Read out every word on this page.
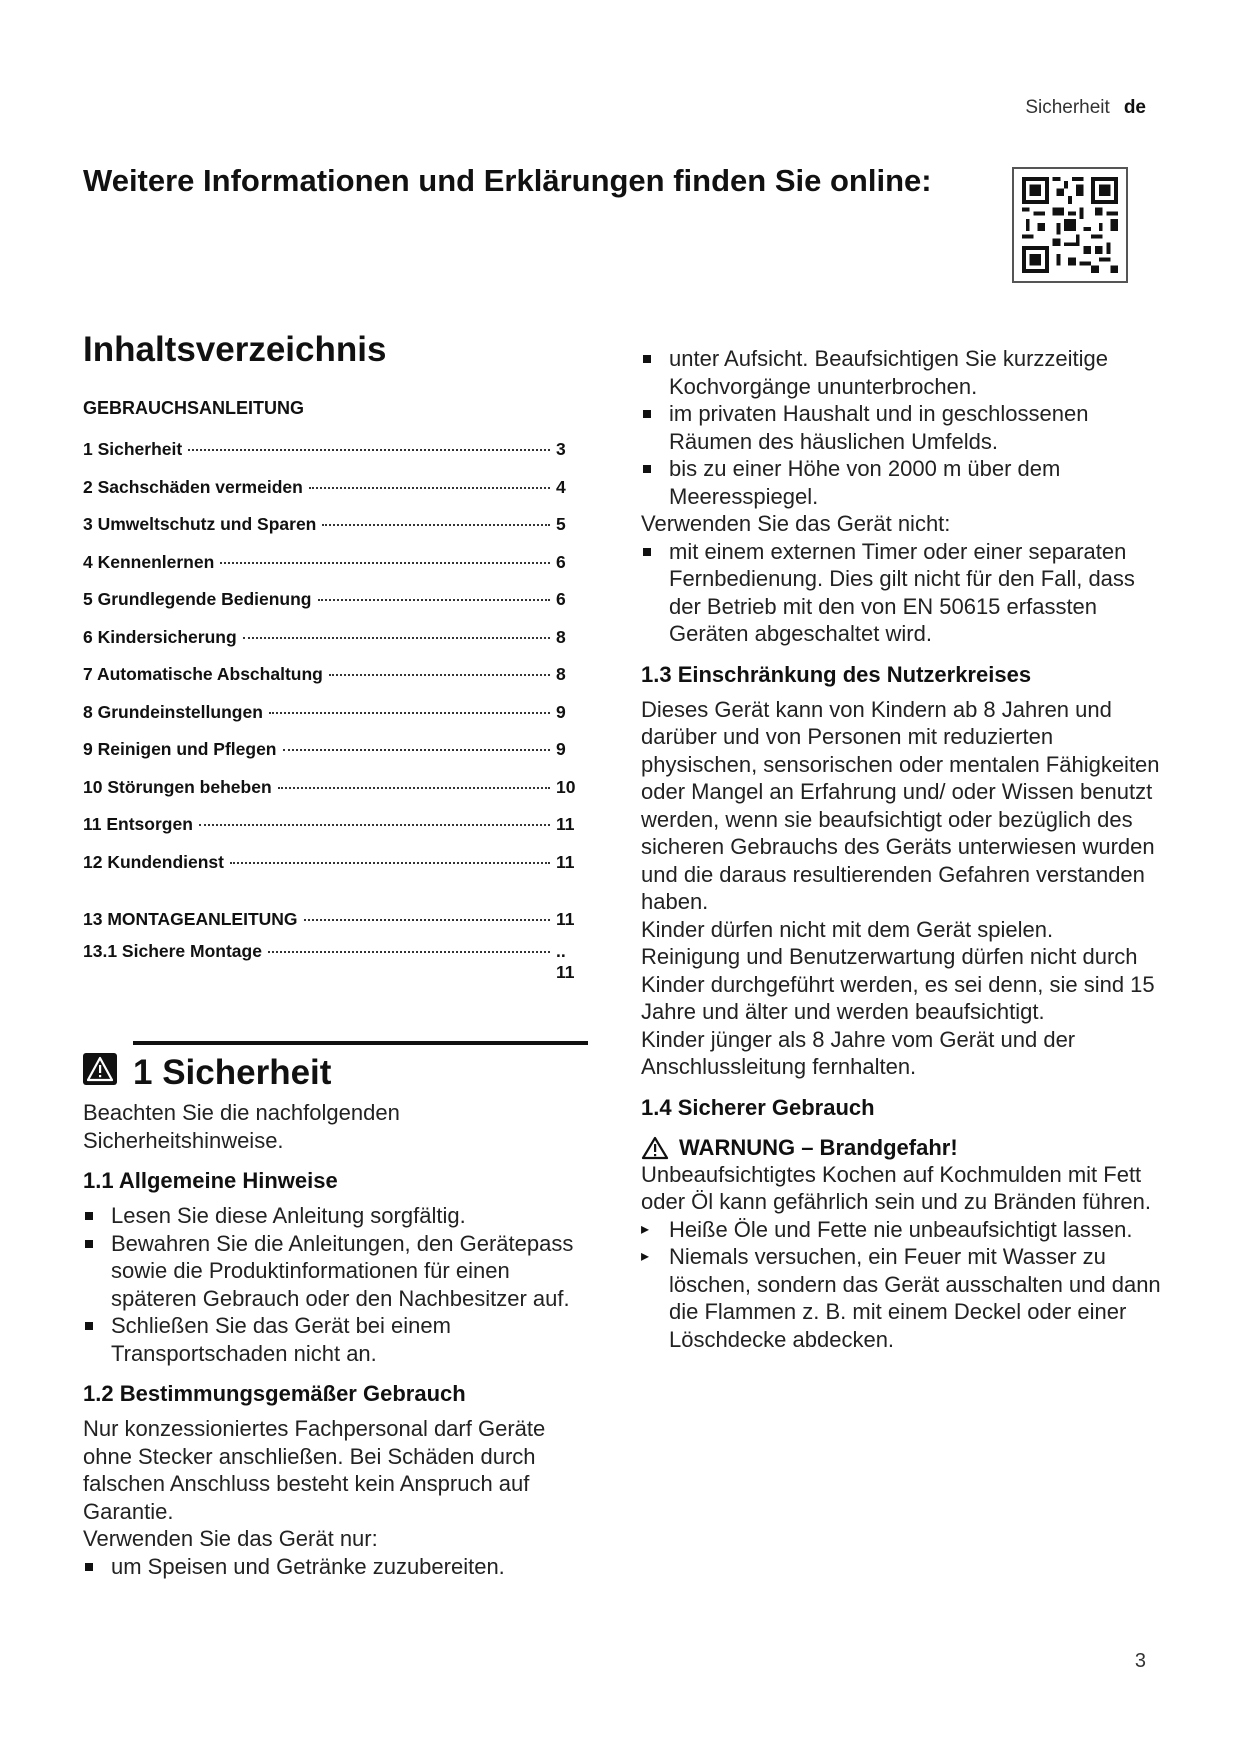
Sicherheit de
Weitere Informationen und Erklärungen finden Sie online:
Inhaltsverzeichnis
GEBRAUCHSANLEITUNG
1 Sicherheit	3
2 Sachschäden vermeiden	4
3 Umweltschutz und Sparen	5
4 Kennenlernen	6
5 Grundlegende Bedienung	6
6 Kindersicherung	8
7 Automatische Abschaltung	8
8 Grundeinstellungen	9
9 Reinigen und Pflegen	9
10 Störungen beheben	10
11 Entsorgen	11
12 Kundendienst	11
13 MONTAGEANLEITUNG	11
13.1 Sichere Montage	.. 11
1 Sicherheit

Beachten Sie die nachfolgenden Sicherheitshinweise.

1.1 Allgemeine Hinweise
Lesen Sie diese Anleitung sorgfältig.
Bewahren Sie die Anleitungen, den Gerätepass sowie die Produktinformationen für einen späteren Gebrauch oder den Nachbesitzer auf.
Schließen Sie das Gerät bei einem Transportschaden nicht an.
1.2 Bestimmungsgemäßer Gebrauch

Nur konzessioniertes Fachpersonal darf Geräte ohne Stecker anschließen. Bei Schäden durch falschen Anschluss besteht kein Anspruch auf Garantie.

Verwenden Sie das Gerät nur:

um Speisen und Getränke zuzubereiten.
unter Aufsicht. Beaufsichtigen Sie kurzzeitige Kochvorgänge ununterbrochen.
im privaten Haushalt und in geschlossenen Räumen des häuslichen Umfelds.
bis zu einer Höhe von 2000 m über dem Meeresspiegel.

Verwenden Sie das Gerät nicht:

mit einem externen Timer oder einer separaten Fernbedienung. Dies gilt nicht für den Fall, dass der Betrieb mit den von EN 50615 erfassten Geräten abgeschaltet wird.
1.3 Einschränkung des Nutzerkreises

Dieses Gerät kann von Kindern ab 8 Jahren und darüber und von Personen mit reduzierten physischen, sensorischen oder mentalen Fähigkeiten oder Mangel an Erfahrung und/ oder Wissen benutzt werden, wenn sie beaufsichtigt oder bezüglich des sicheren Gebrauchs des Geräts unterwiesen wurden und die daraus resultierenden Gefahren verstanden haben.

Kinder dürfen nicht mit dem Gerät spielen.

Reinigung und Benutzerwartung dürfen nicht durch Kinder durchgeführt werden, es sei denn, sie sind 15 Jahre und älter und werden beaufsichtigt.

Kinder jünger als 8 Jahre vom Gerät und der Anschlussleitung fernhalten.

1.4 Sicherer Gebrauch
WARNUNG – Brandgefahr!

Unbeaufsichtigtes Kochen auf Kochmulden mit Fett oder Öl kann gefährlich sein und zu Bränden führen.

▸ Heiße Öle und Fette nie unbeaufsichtigt lassen.
▸ Niemals versuchen, ein Feuer mit Wasser zu löschen, sondern das Gerät ausschalten und dann die Flammen z. B. mit einem Deckel oder einer Löschdecke abdecken.
3
